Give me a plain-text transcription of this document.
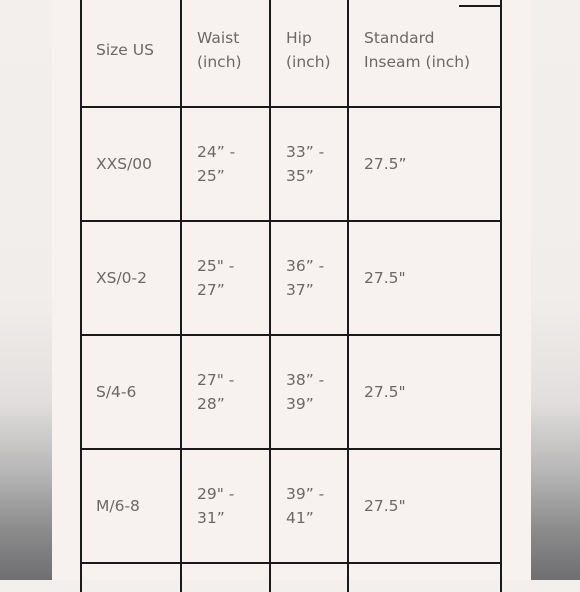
Size US
Waist
(inch)
Hip
(inch)
Standard
Inseam (inch)
XXS/00
24” -
25”
33” -
35”
27.5”
XS/0-2
25" -
27”
36” -
37”
27.5"
S/4-6
27" -
28”
38” -
39”
27.5"
M/6-8
29" -
31”
39” -
41”
27.5"
